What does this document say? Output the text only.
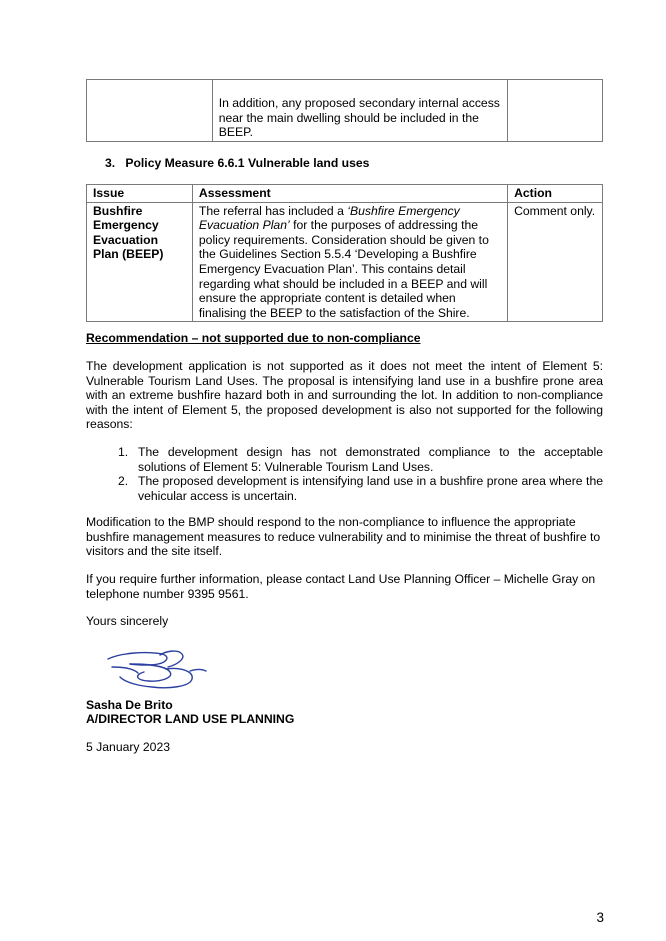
	In addition, any proposed secondary internal access near the main dwelling should be included in the BEEP.	
3. Policy Measure 6.6.1 Vulnerable land uses
Issue	Assessment	Action
Bushfire Emergency Evacuation Plan (BEEP)	The referral has included a ‘Bushfire Emergency Evacuation Plan’ for the purposes of addressing the policy requirements. Consideration should be given to the Guidelines Section 5.5.4 ‘Developing a Bushfire Emergency Evacuation Plan’. This contains detail regarding what should be included in a BEEP and will ensure the appropriate content is detailed when finalising the BEEP to the satisfaction of the Shire.	Comment only.
Recommendation – not supported due to non-compliance
The development application is not supported as it does not meet the intent of Element 5: Vulnerable Tourism Land Uses. The proposal is intensifying land use in a bushfire prone area with an extreme bushfire hazard both in and surrounding the lot. In addition to non-compliance with the intent of Element 5, the proposed development is also not supported for the following reasons:
1. The development design has not demonstrated compliance to the acceptable solutions of Element 5: Vulnerable Tourism Land Uses.
2. The proposed development is intensifying land use in a bushfire prone area where the vehicular access is uncertain.
Modification to the BMP should respond to the non-compliance to influence the appropriate bushfire management measures to reduce vulnerability and to minimise the threat of bushfire to visitors and the site itself.
If you require further information, please contact Land Use Planning Officer – Michelle Gray on telephone number 9395 9561.
Yours sincerely
Sasha De Brito
A/DIRECTOR LAND USE PLANNING
5 January 2023
3
